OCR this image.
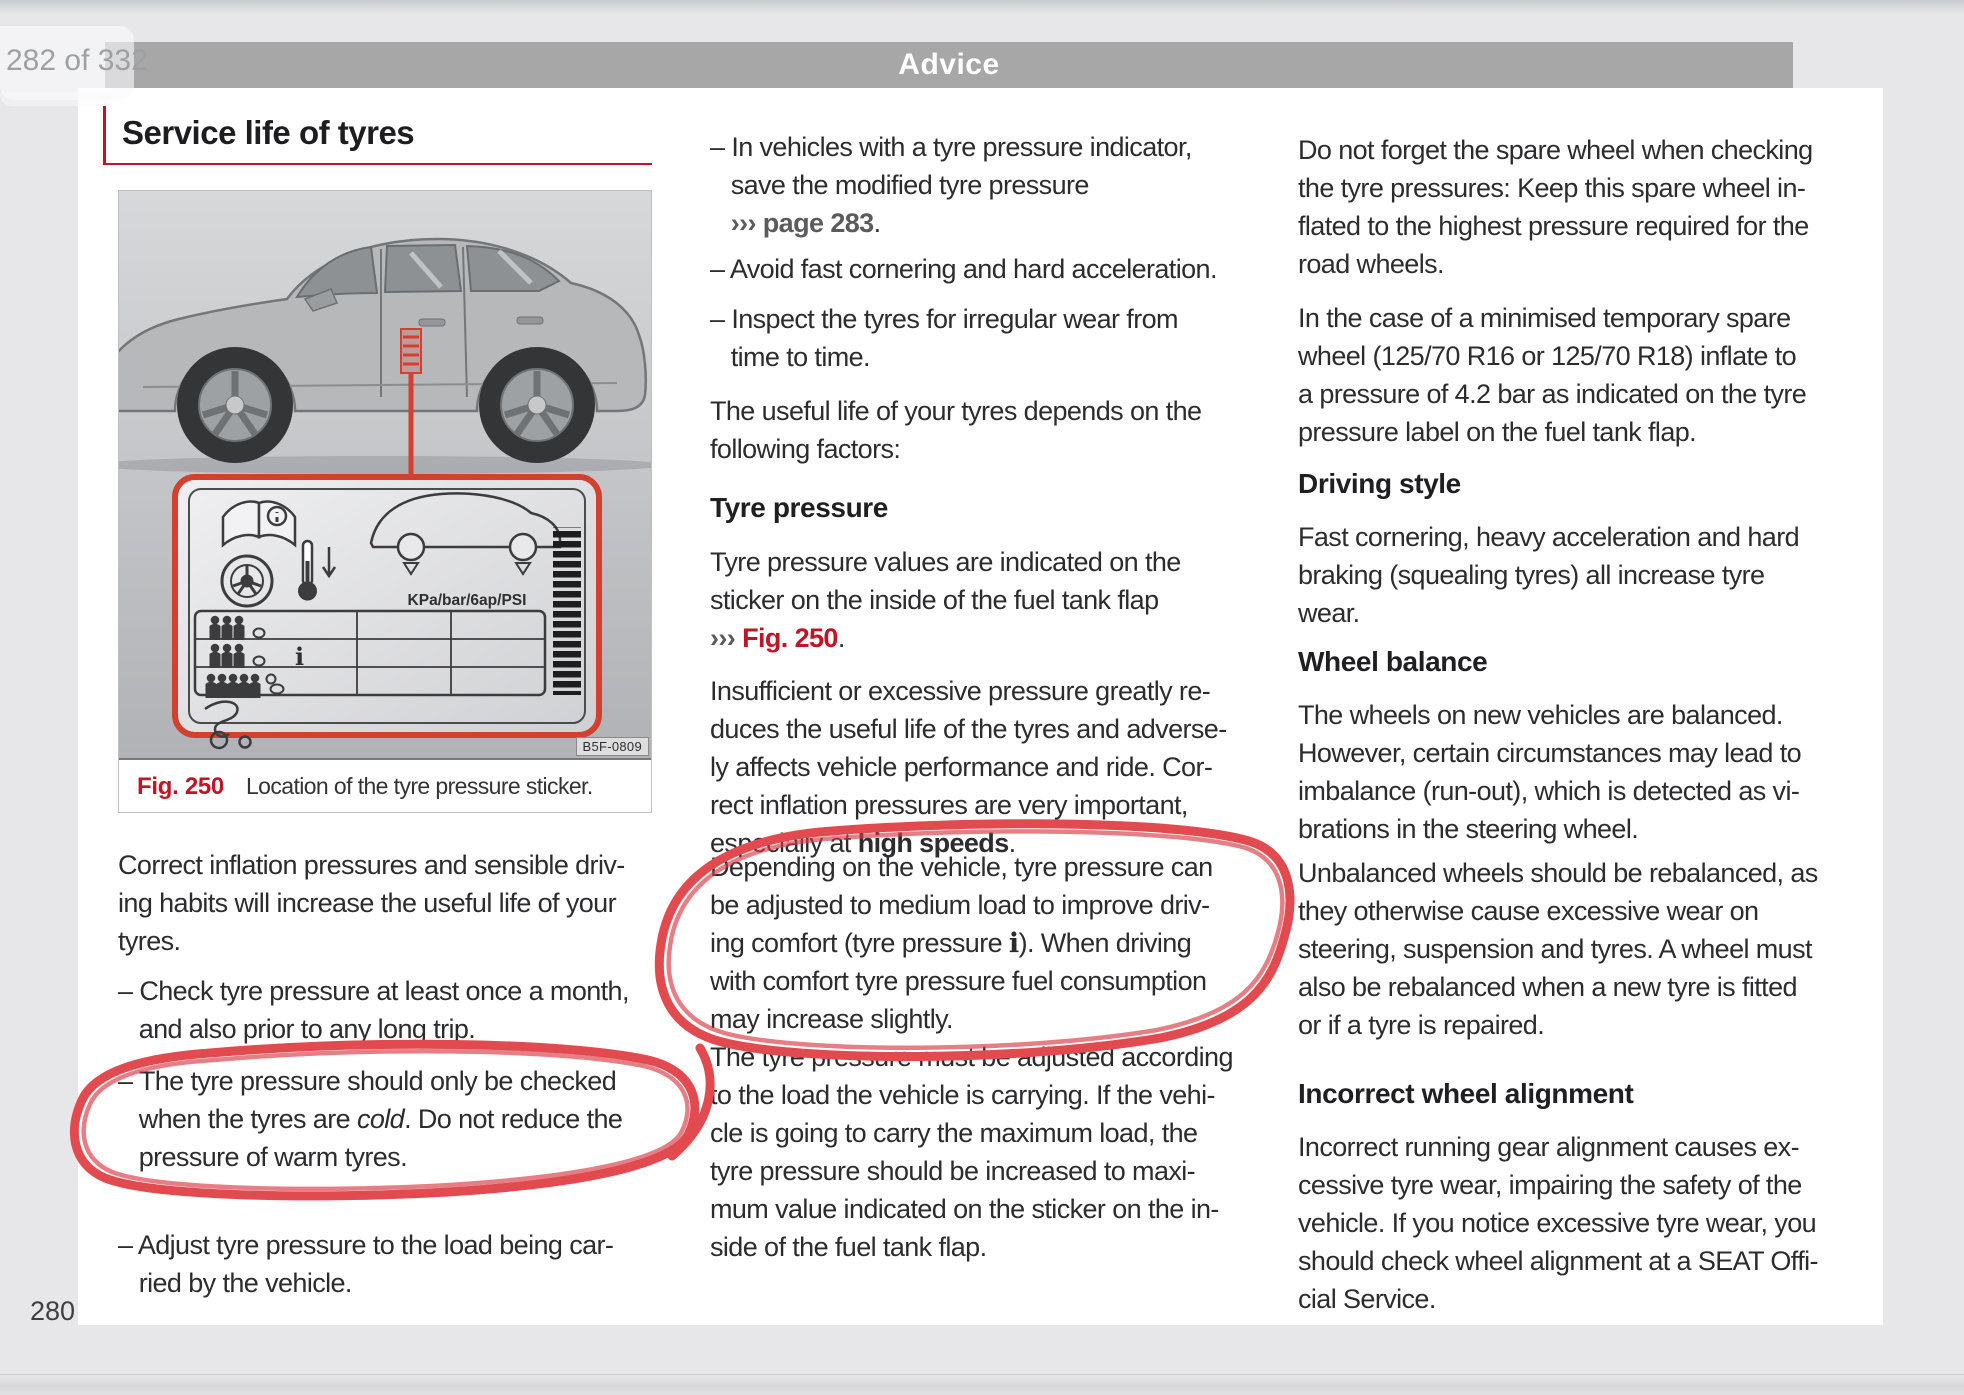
Advice
282 of 332
Service life of tyres
KPa/bar/6ap/PSI
i
B5F-0809
Fig. 250 Location of the tyre pressure sticker.
Correct inflation pressures and sensible driv-
ing habits will increase the useful life of your
tyres.
– Check tyre pressure at least once a month,
and also prior to any long trip.
– The tyre pressure should only be checked
when the tyres are cold. Do not reduce the
pressure of warm tyres.
– Adjust tyre pressure to the load being car-
ried by the vehicle.
– In vehicles with a tyre pressure indicator,
save the modified tyre pressure
››› page 283.
– Avoid fast cornering and hard acceleration.
– Inspect the tyres for irregular wear from
time to time.
The useful life of your tyres depends on the
following factors:
Tyre pressure
Tyre pressure values are indicated on the
sticker on the inside of the fuel tank flap
››› Fig. 250.
Insufficient or excessive pressure greatly re-
duces the useful life of the tyres and adverse-
ly affects vehicle performance and ride. Cor-
rect inflation pressures are very important,
especially at high speeds.
Depending on the vehicle, tyre pressure can
be adjusted to medium load to improve driv-
ing comfort (tyre pressure i). When driving
with comfort tyre pressure fuel consumption
may increase slightly.
The tyre pressure must be adjusted according
to the load the vehicle is carrying. If the vehi-
cle is going to carry the maximum load, the
tyre pressure should be increased to maxi-
mum value indicated on the sticker on the in-
side of the fuel tank flap.
Do not forget the spare wheel when checking
the tyre pressures: Keep this spare wheel in-
flated to the highest pressure required for the
road wheels.
In the case of a minimised temporary spare
wheel (125/70 R16 or 125/70 R18) inflate to
a pressure of 4.2 bar as indicated on the tyre
pressure label on the fuel tank flap.
Driving style
Fast cornering, heavy acceleration and hard
braking (squealing tyres) all increase tyre
wear.
Wheel balance
The wheels on new vehicles are balanced.
However, certain circumstances may lead to
imbalance (run-out), which is detected as vi-
brations in the steering wheel.
Unbalanced wheels should be rebalanced, as
they otherwise cause excessive wear on
steering, suspension and tyres. A wheel must
also be rebalanced when a new tyre is fitted
or if a tyre is repaired.
Incorrect wheel alignment
Incorrect running gear alignment causes ex-
cessive tyre wear, impairing the safety of the
vehicle. If you notice excessive tyre wear, you
should check wheel alignment at a SEAT Offi-
cial Service.
280
